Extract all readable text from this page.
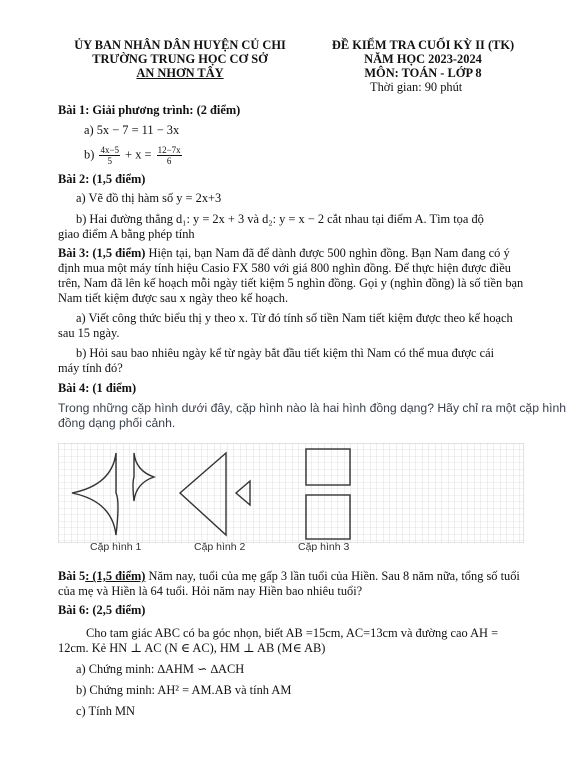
ỦY BAN NHÂN DÂN HUYỆN CỦ CHI
TRƯỜNG TRUNG HỌC CƠ SỞ
AN NHƠN TÂY
ĐỀ KIỂM TRA CUỐI KỲ II (TK)
NĂM HỌC 2023-2024
MÔN: TOÁN - LỚP 8
Thời gian: 90 phút
Bài 1: Giải phương trình: (2 điểm)
a) 5x − 7 = 11 − 3x
$b) \frac{4x-5}{5} + x = \frac{12-7x}{6}$
Bài 2: (1,5 điểm)
a) Vẽ đồ thị hàm số y = 2x+3
b) Hai đường thẳng d₁: y = 2x + 3 và d₂: y = x − 2 cắt nhau tại điểm A. Tìm tọa độ
giao điểm A bằng phép tính
Bài 3: (1,5 điểm) Hiện tại, bạn Nam đã để dành được 500 nghìn đồng. Bạn Nam đang có ý
định mua một máy tính hiệu Casio FX 580 với giá 800 nghìn đồng. Để thực hiện được điều
trên, Nam đã lên kế hoạch mỗi ngày tiết kiệm 5 nghìn đồng. Gọi y (nghìn đồng) là số tiền bạn
Nam tiết kiệm được sau x ngày theo kế hoạch.
a) Viết công thức biểu thị y theo x. Từ đó tính số tiền Nam tiết kiệm được theo kế hoạch
sau 15 ngày.
b) Hỏi sau bao nhiêu ngày kể từ ngày bắt đầu tiết kiệm thì Nam có thể mua được cái
máy tính đó?
Bài 4: (1 điểm)
Trong những cặp hình dưới đây, cặp hình nào là hai hình đồng dạng? Hãy chỉ ra một cặp hình
đồng dạng phối cảnh.
Cặp hình 1	Cặp hình 2	Cặp hình 3
Bài 5: (1,5 điểm) Năm nay, tuổi của mẹ gấp 3 lần tuổi của Hiền. Sau 8 năm nữa, tổng số tuổi
của mẹ và Hiền là 64 tuổi. Hỏi năm nay Hiền bao nhiêu tuổi?
Bài 6: (2,5 điểm)
Cho tam giác ABC có ba góc nhọn, biết AB =15cm, AC=13cm và đường cao AH =
12cm. Kẻ HN ⊥ AC (N ∈ AC), HM ⊥ AB (M∈ AB)
a) Chứng minh: ∆AHM ∽ ∆ACH
b) Chứng minh: AH² = AM.AB và tính AM
c) Tính MN
